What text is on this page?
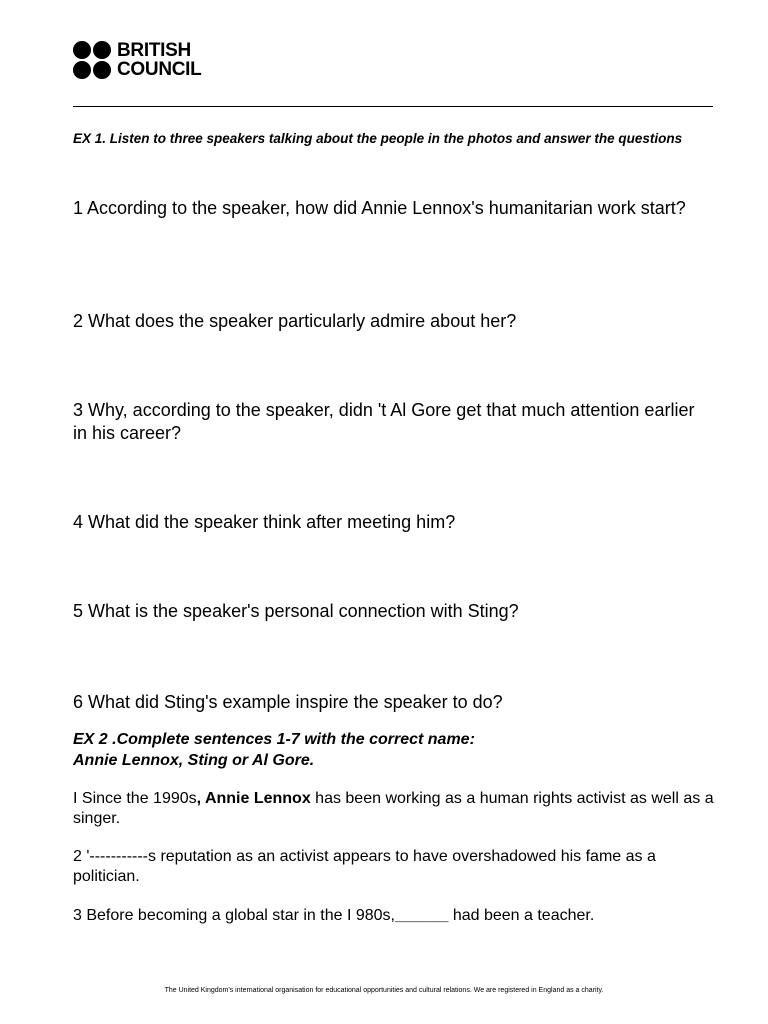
BRITISH
COUNCIL
EX 1. Listen to three speakers talking about the people in the photos and answer the questions
1 According to the speaker, how did Annie Lennox's humanitarian work start?
2 What does the speaker particularly admire about her?
3 Why, according to the speaker, didn 't Al Gore get that much attention earlier in his career?
4 What did the speaker think after meeting him?
5 What is the speaker's personal connection with Sting?
6 What did Sting's example inspire the speaker to do?
EX 2 .Complete sentences 1-7 with the correct name:
Annie Lennox, Sting or Al Gore.
I Since the 1990s, Annie Lennox has been working as a human rights activist as well as a singer.
2 '-----------s reputation as an activist appears to have overshadowed his fame as a politician.
3 Before becoming a global star in the I 980s,______ had been a teacher.
The United Kingdom's international organisation for educational opportunities and cultural relations. We are registered in England as a charity.
